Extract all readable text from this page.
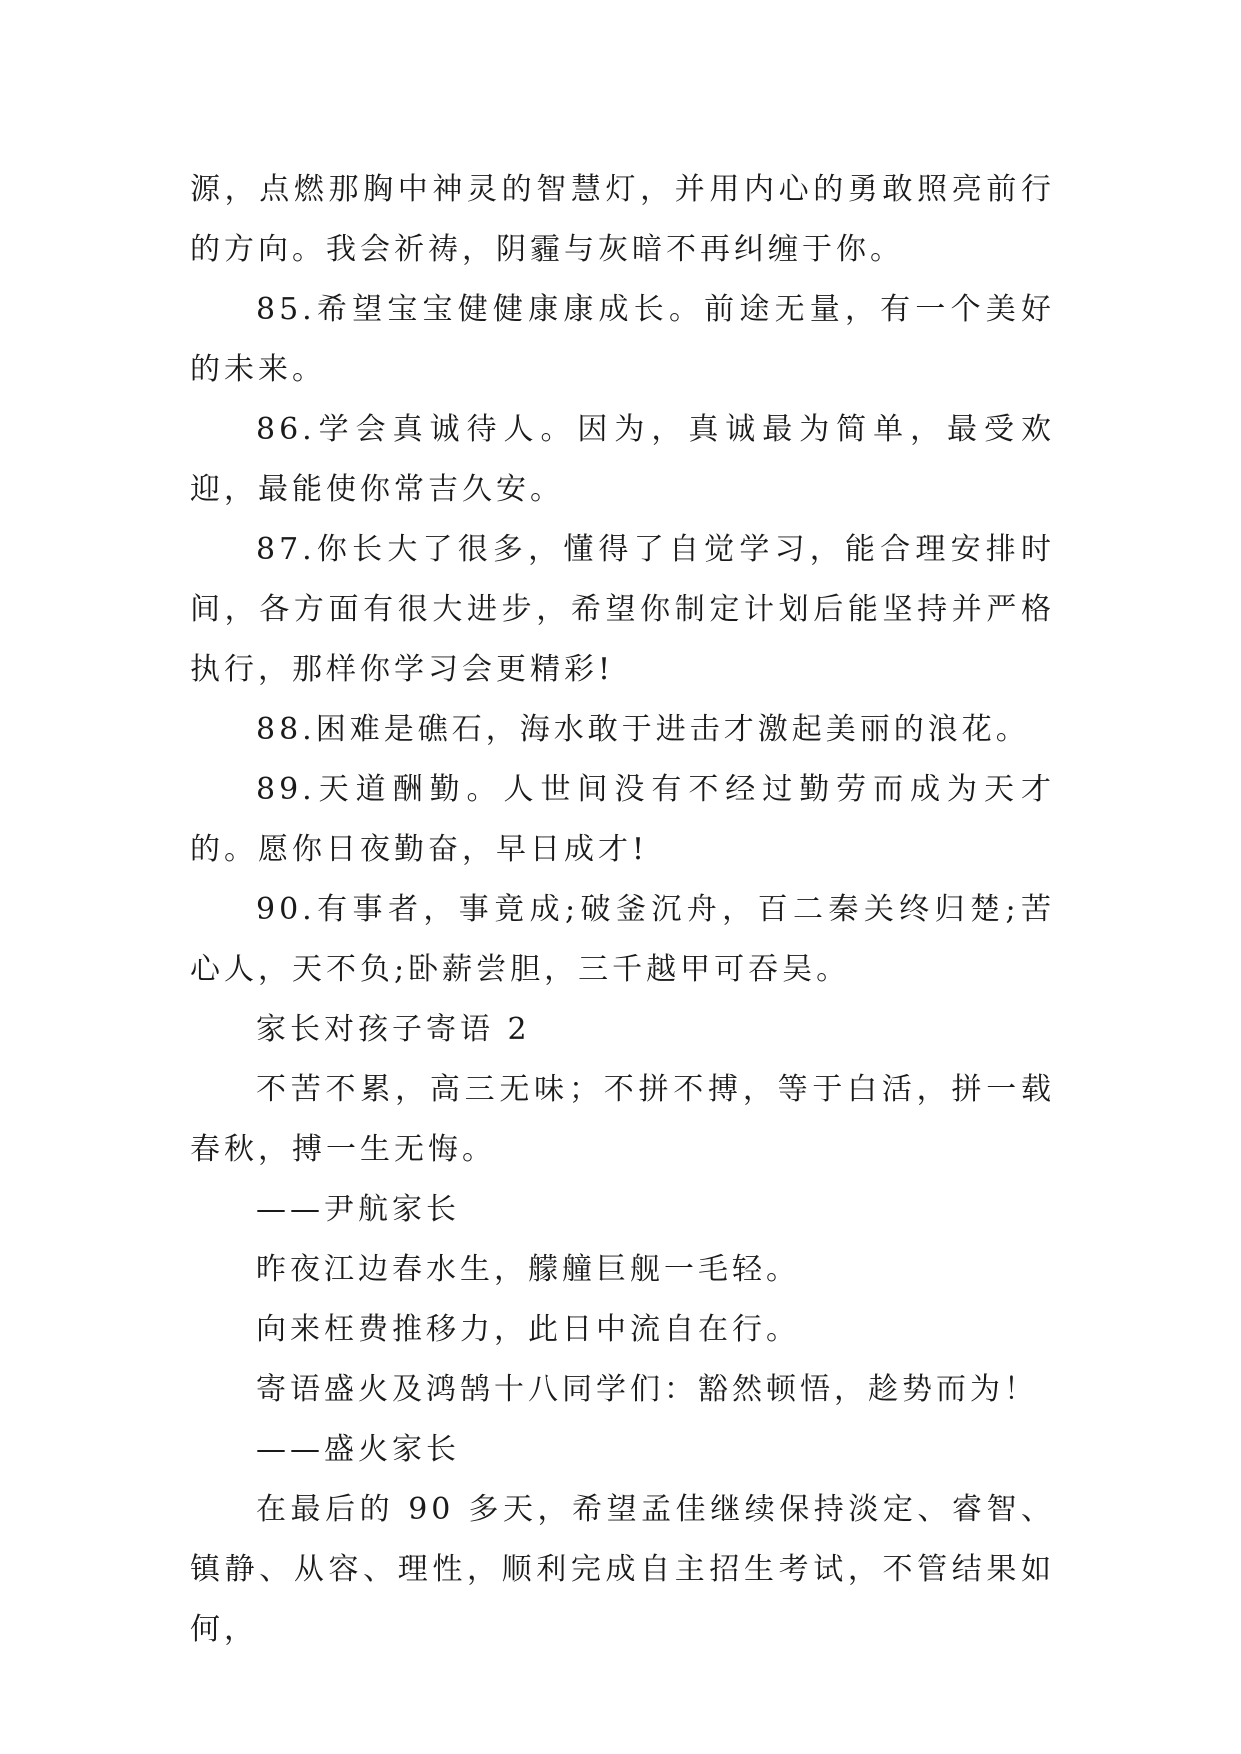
源，点燃那胸中神灵的智慧灯，并用内心的勇敢照亮前行的方向。我会祈祷，阴霾与灰暗不再纠缠于你。

85.希望宝宝健健康康成长。前途无量，有一个美好的未来。

86.学会真诚待人。因为，真诚最为简单，最受欢迎，最能使你常吉久安。

87.你长大了很多，懂得了自觉学习，能合理安排时间，各方面有很大进步，希望你制定计划后能坚持并严格执行，那样你学习会更精彩!

88.困难是礁石，海水敢于进击才激起美丽的浪花。

89.天道酬勤。人世间没有不经过勤劳而成为天才的。愿你日夜勤奋，早日成才!

90.有事者，事竟成;破釜沉舟，百二秦关终归楚;苦心人，天不负;卧薪尝胆，三千越甲可吞吴。

家长对孩子寄语 2

不苦不累，高三无味；不拼不搏，等于白活，拼一载春秋，搏一生无悔。

——尹航家长

昨夜江边春水生，艨艟巨舰一毛轻。

向来枉费推移力，此日中流自在行。

寄语盛火及鸿鹄十八同学们：豁然顿悟，趁势而为！

——盛火家长

在最后的 90 多天，希望孟佳继续保持淡定、睿智、镇静、从容、理性，顺利完成自主招生考试，不管结果如何，
